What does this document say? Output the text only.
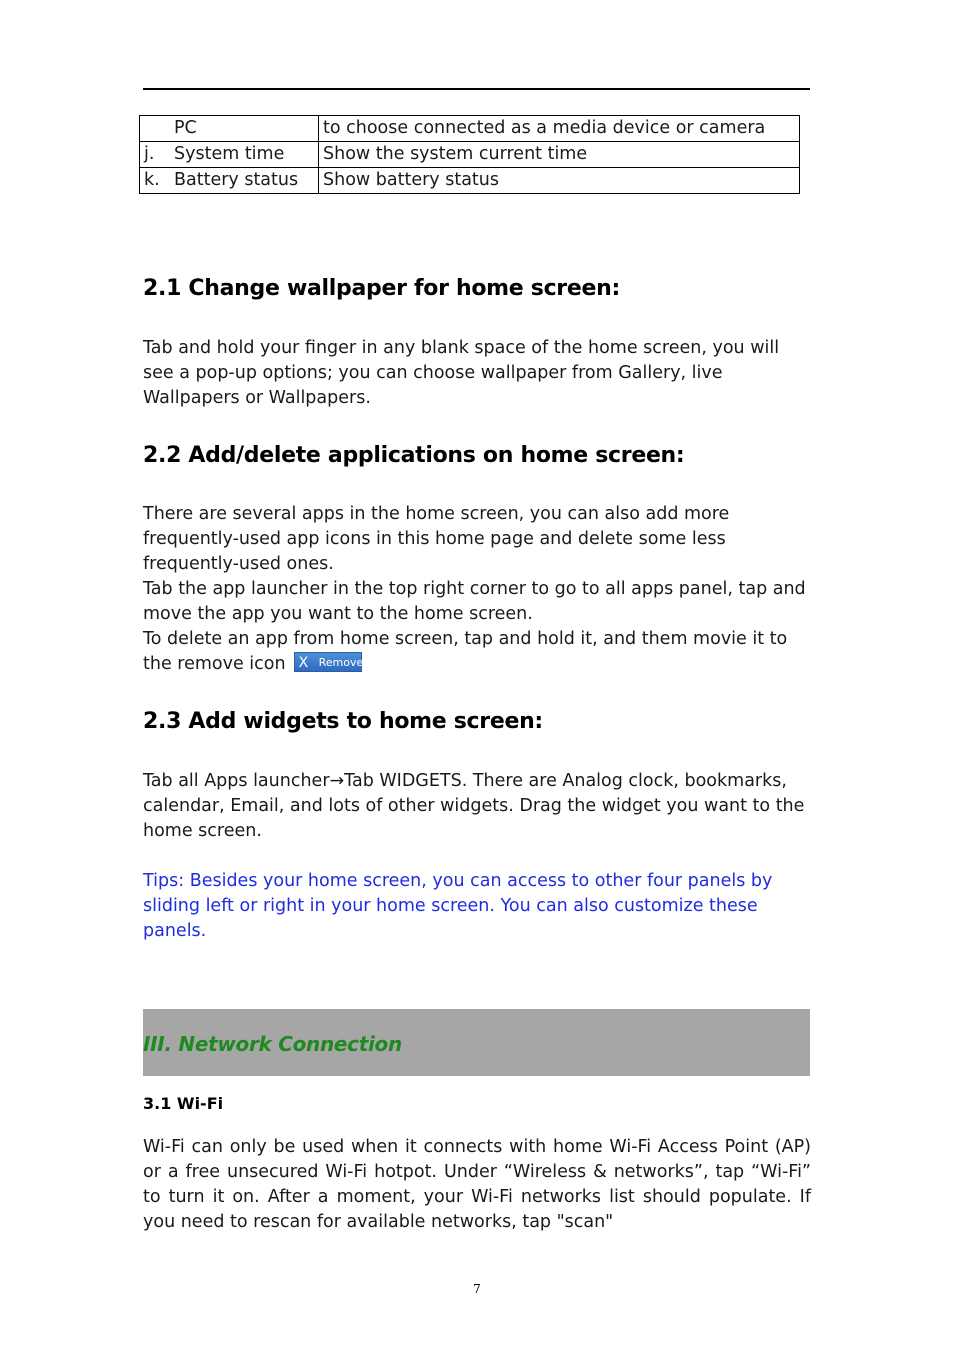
PC	to choose connected as a media device or camera
j. System time	Show the system current time
k. Battery status	Show battery status
2.1 Change wallpaper for home screen:

Tab and hold your finger in any blank space of the home screen, you will see a pop-up options; you can choose wallpaper from Gallery, live Wallpapers or Wallpapers.

2.2 Add/delete applications on home screen:

There are several apps in the home screen, you can also add more frequently-used app icons in this home page and delete some less frequently-used ones.

Tab the app launcher in the top right corner to go to all apps panel, tap and move the app you want to the home screen.

To delete an app from home screen, tap and hold it, and them movie it to the remove icon X Remove

2.3 Add widgets to home screen:

Tab all Apps launcher→Tab WIDGETS. There are Analog clock, bookmarks, calendar, Email, and lots of other widgets. Drag the widget you want to the home screen.

Tips: Besides your home screen, you can access to other four panels by sliding left or right in your home screen. You can also customize these panels.

III. Network Connection
3.1 Wi-Fi

Wi-Fi can only be used when it connects with home Wi-Fi Access Point (AP) or a free unsecured Wi-Fi hotpot. Under “Wireless & networks”, tap “Wi-Fi” to turn it on. After a moment, your Wi-Fi networks list should populate. If you need to rescan for available networks, tap "scan"

7
